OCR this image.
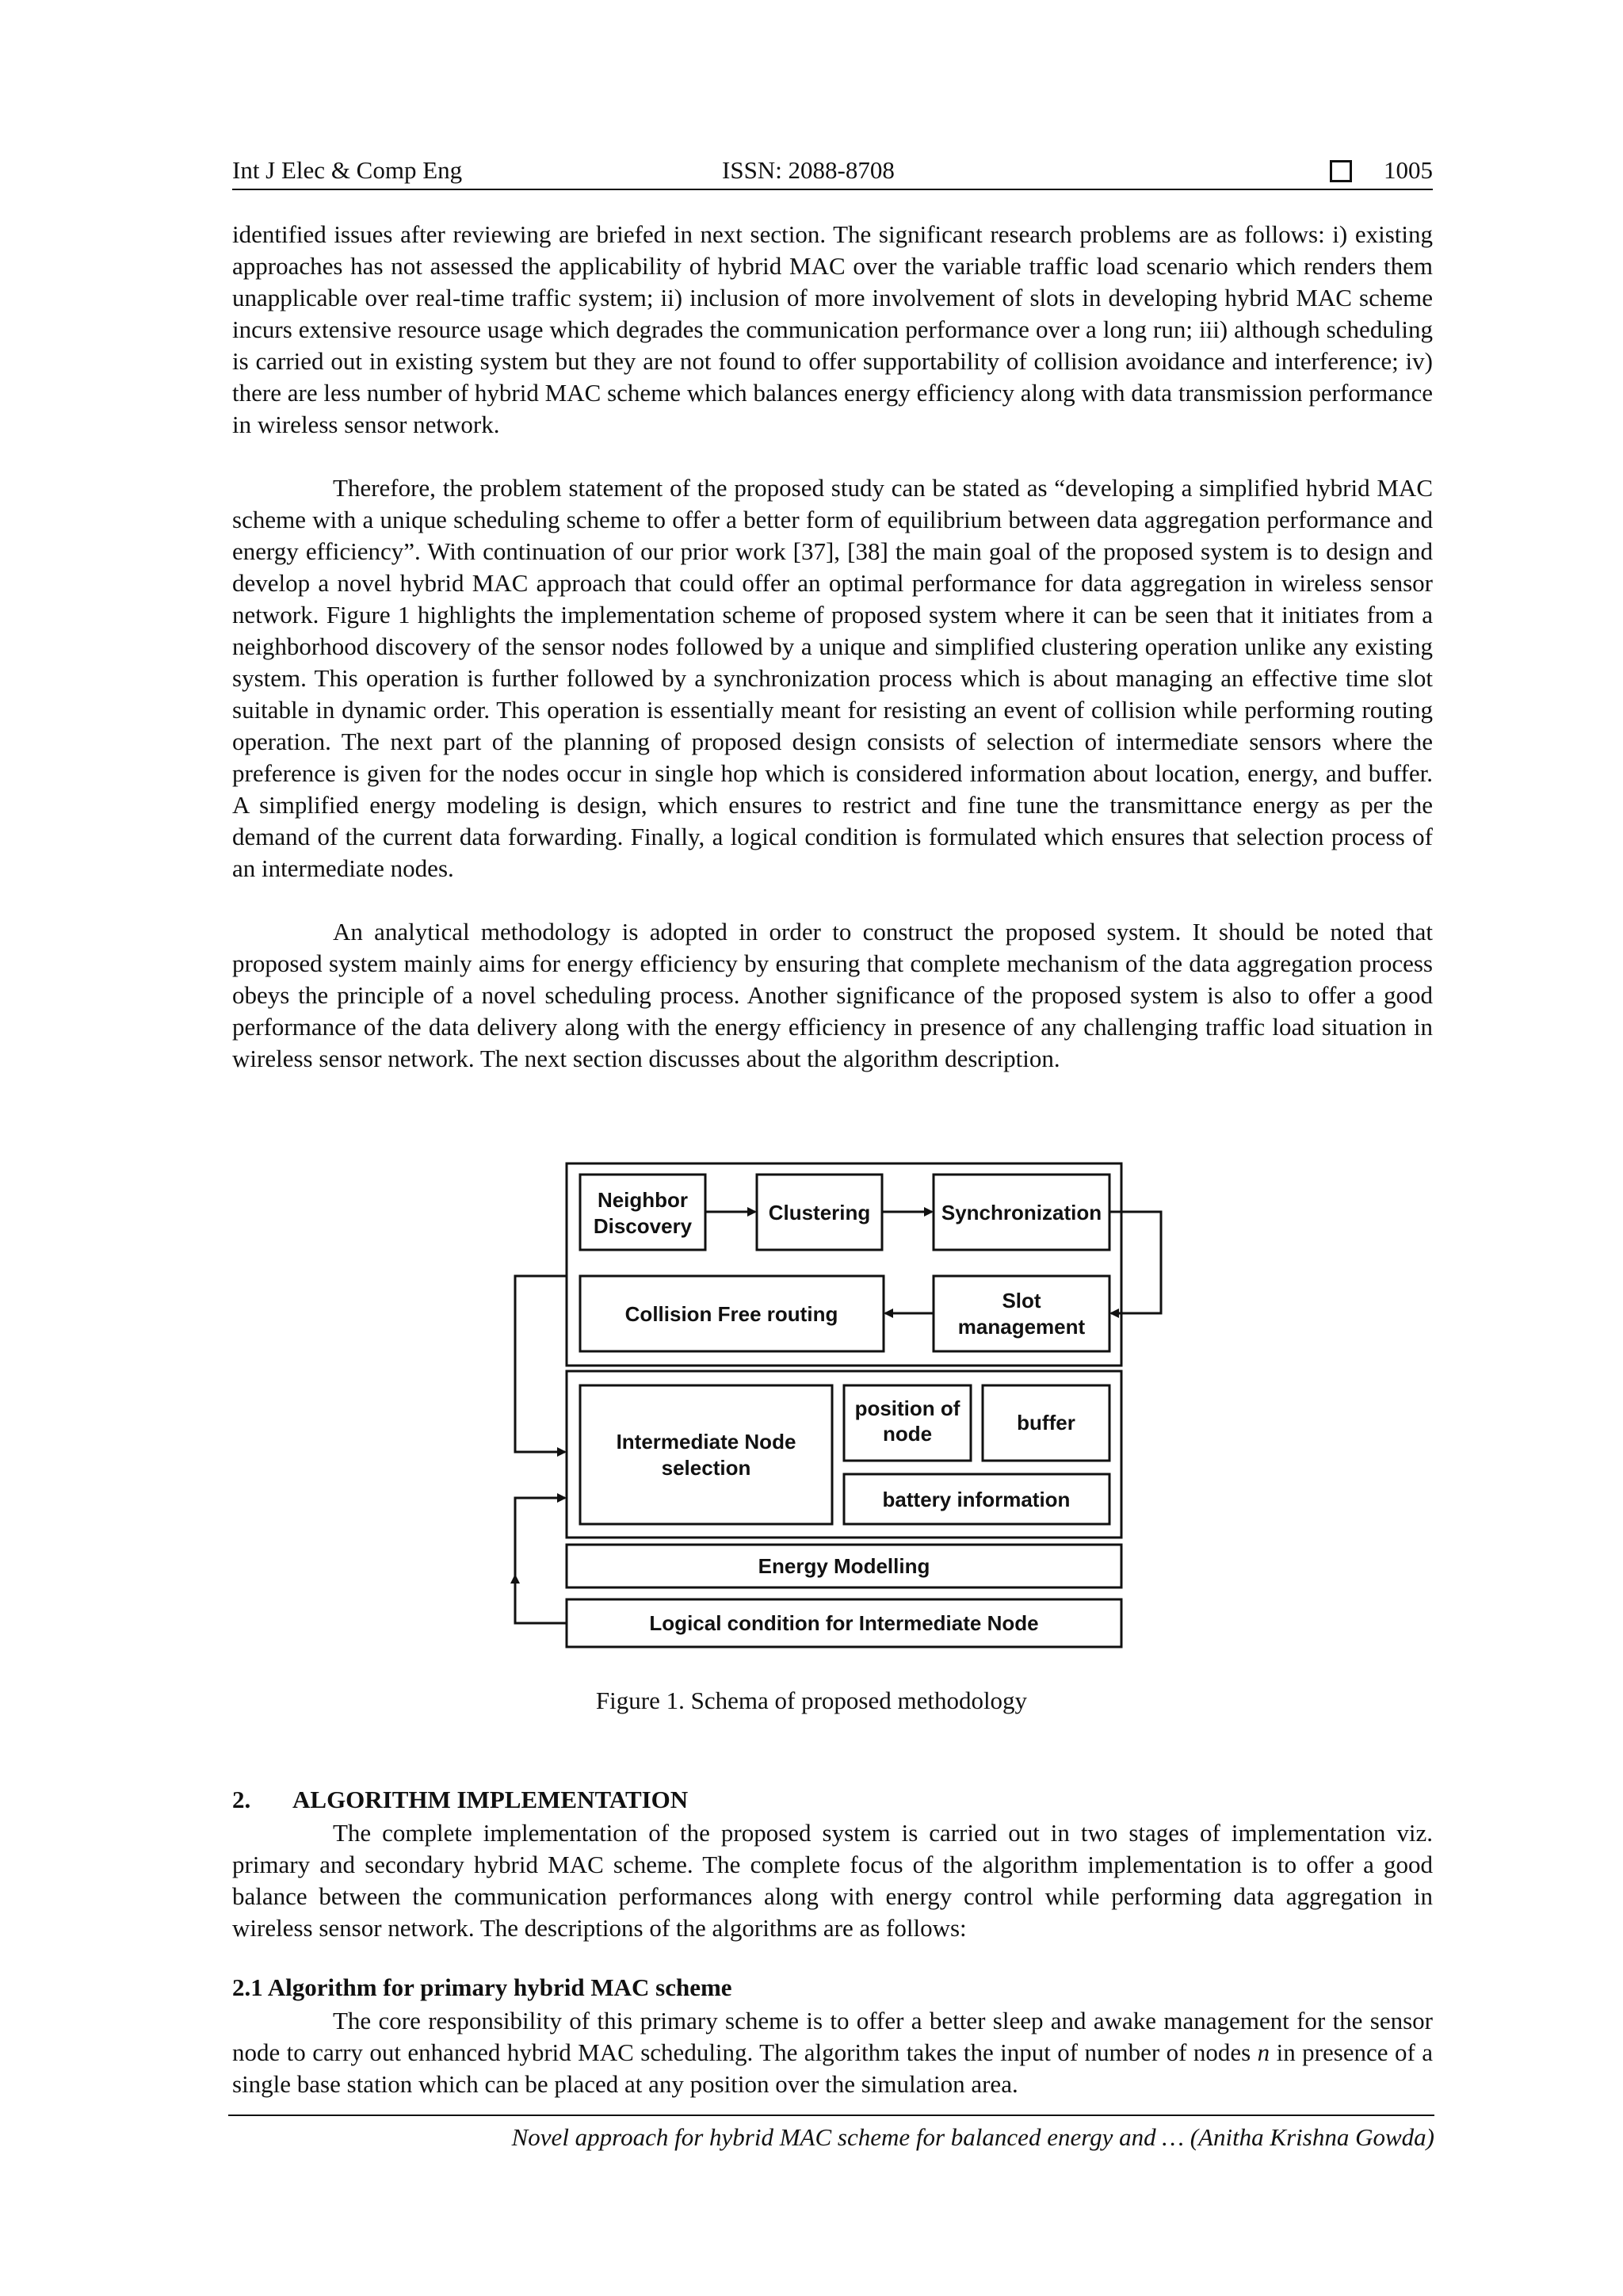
Int J Elec & Comp Eng	ISSN: 2088-8708	1005

identified issues after reviewing are briefed in next section. The significant research problems are as follows: i) existing approaches has not assessed the applicability of hybrid MAC over the variable traffic load scenario which renders them unapplicable over real-time traffic system; ii) inclusion of more involvement of slots in developing hybrid MAC scheme incurs extensive resource usage which degrades the communication performance over a long run; iii) although scheduling is carried out in existing system but they are not found to offer supportability of collision avoidance and interference; iv) there are less number of hybrid MAC scheme which balances energy efficiency along with data transmission performance in wireless sensor network.

Therefore, the problem statement of the proposed study can be stated as “developing a simplified hybrid MAC scheme with a unique scheduling scheme to offer a better form of equilibrium between data aggregation performance and energy efficiency”. With continuation of our prior work [37], [38] the main goal of the proposed system is to design and develop a novel hybrid MAC approach that could offer an optimal performance for data aggregation in wireless sensor network. Figure 1 highlights the implementation scheme of proposed system where it can be seen that it initiates from a neighborhood discovery of the sensor nodes followed by a unique and simplified clustering operation unlike any existing system. This operation is further followed by a synchronization process which is about managing an effective time slot suitable in dynamic order. This operation is essentially meant for resisting an event of collision while performing routing operation. The next part of the planning of proposed design consists of selection of intermediate sensors where the preference is given for the nodes occur in single hop which is considered information about location, energy, and buffer. A simplified energy modeling is design, which ensures to restrict and fine tune the transmittance energy as per the demand of the current data forwarding. Finally, a logical condition is formulated which ensures that selection process of an intermediate nodes.

An analytical methodology is adopted in order to construct the proposed system. It should be noted that proposed system mainly aims for energy efficiency by ensuring that complete mechanism of the data aggregation process obeys the principle of a novel scheduling process. Another significance of the proposed system is also to offer a good performance of the data delivery along with the energy efficiency in presence of any challenging traffic load situation in wireless sensor network. The next section discusses about the algorithm description.

Neighbor
Discovery
Clustering	Synchronization
Collision Free routing
Slot
management
Intermediate Node
selection
position of
node	buffer
battery information
Energy Modelling
Logical condition for Intermediate Node
Figure 1. Schema of proposed methodology
2. ALGORITHM IMPLEMENTATION

The complete implementation of the proposed system is carried out in two stages of implementation viz. primary and secondary hybrid MAC scheme. The complete focus of the algorithm implementation is to offer a good balance between the communication performances along with energy control while performing data aggregation in wireless sensor network. The descriptions of the algorithms are as follows:

2.1 Algorithm for primary hybrid MAC scheme

The core responsibility of this primary scheme is to offer a better sleep and awake management for the sensor node to carry out enhanced hybrid MAC scheduling. The algorithm takes the input of number of nodes n in presence of a single base station which can be placed at any position over the simulation area.

Novel approach for hybrid MAC scheme for balanced energy and … (Anitha Krishna Gowda)
